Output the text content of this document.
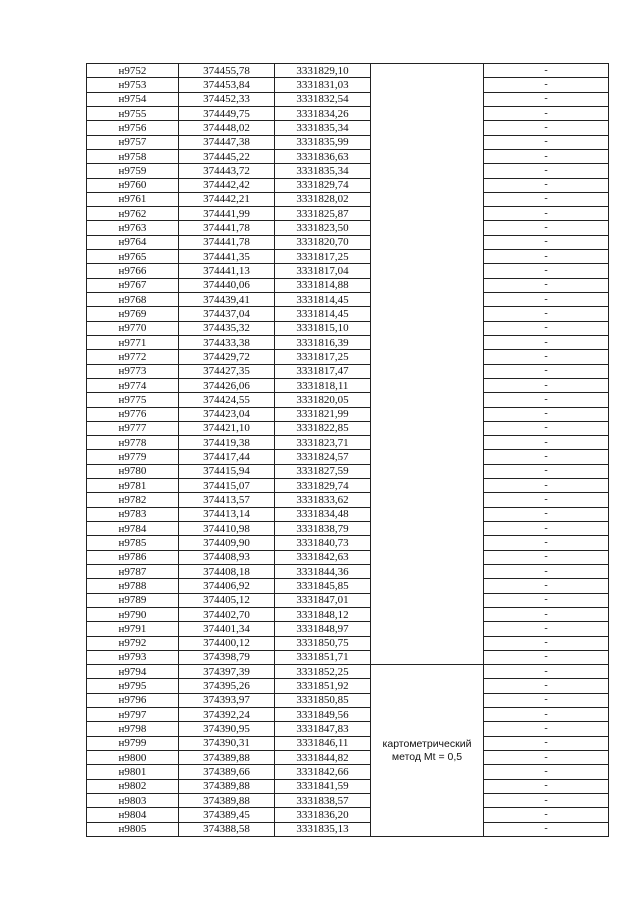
н9752	374455,78	3331829,10		-
н9753	374453,84	3331831,03		-
н9754	374452,33	3331832,54		-
н9755	374449,75	3331834,26		-
н9756	374448,02	3331835,34		-
н9757	374447,38	3331835,99		-
н9758	374445,22	3331836,63		-
н9759	374443,72	3331835,34		-
н9760	374442,42	3331829,74		-
н9761	374442,21	3331828,02		-
н9762	374441,99	3331825,87		-
н9763	374441,78	3331823,50		-
н9764	374441,78	3331820,70		-
н9765	374441,35	3331817,25		-
н9766	374441,13	3331817,04		-
н9767	374440,06	3331814,88		-
н9768	374439,41	3331814,45		-
н9769	374437,04	3331814,45		-
н9770	374435,32	3331815,10		-
н9771	374433,38	3331816,39		-
н9772	374429,72	3331817,25		-
н9773	374427,35	3331817,47		-
н9774	374426,06	3331818,11		-
н9775	374424,55	3331820,05		-
н9776	374423,04	3331821,99		-
н9777	374421,10	3331822,85		-
н9778	374419,38	3331823,71		-
н9779	374417,44	3331824,57		-
н9780	374415,94	3331827,59		-
н9781	374415,07	3331829,74		-
н9782	374413,57	3331833,62		-
н9783	374413,14	3331834,48		-
н9784	374410,98	3331838,79		-
н9785	374409,90	3331840,73		-
н9786	374408,93	3331842,63		-
н9787	374408,18	3331844,36		-
н9788	374406,92	3331845,85		-
н9789	374405,12	3331847,01		-
н9790	374402,70	3331848,12		-
н9791	374401,34	3331848,97		-
н9792	374400,12	3331850,75		-
н9793	374398,79	3331851,71		-
н9794	374397,39	3331852,25	картометрический метод Mt = 0,5	-
н9795	374395,26	3331851,92		-
н9796	374393,97	3331850,85		-
н9797	374392,24	3331849,56		-
н9798	374390,95	3331847,83		-
н9799	374390,31	3331846,11		-
н9800	374389,88	3331844,82		-
н9801	374389,66	3331842,66		-
н9802	374389,88	3331841,59		-
н9803	374389,88	3331838,57		-
н9804	374389,45	3331836,20		-
н9805	374388,58	3331835,13		-
